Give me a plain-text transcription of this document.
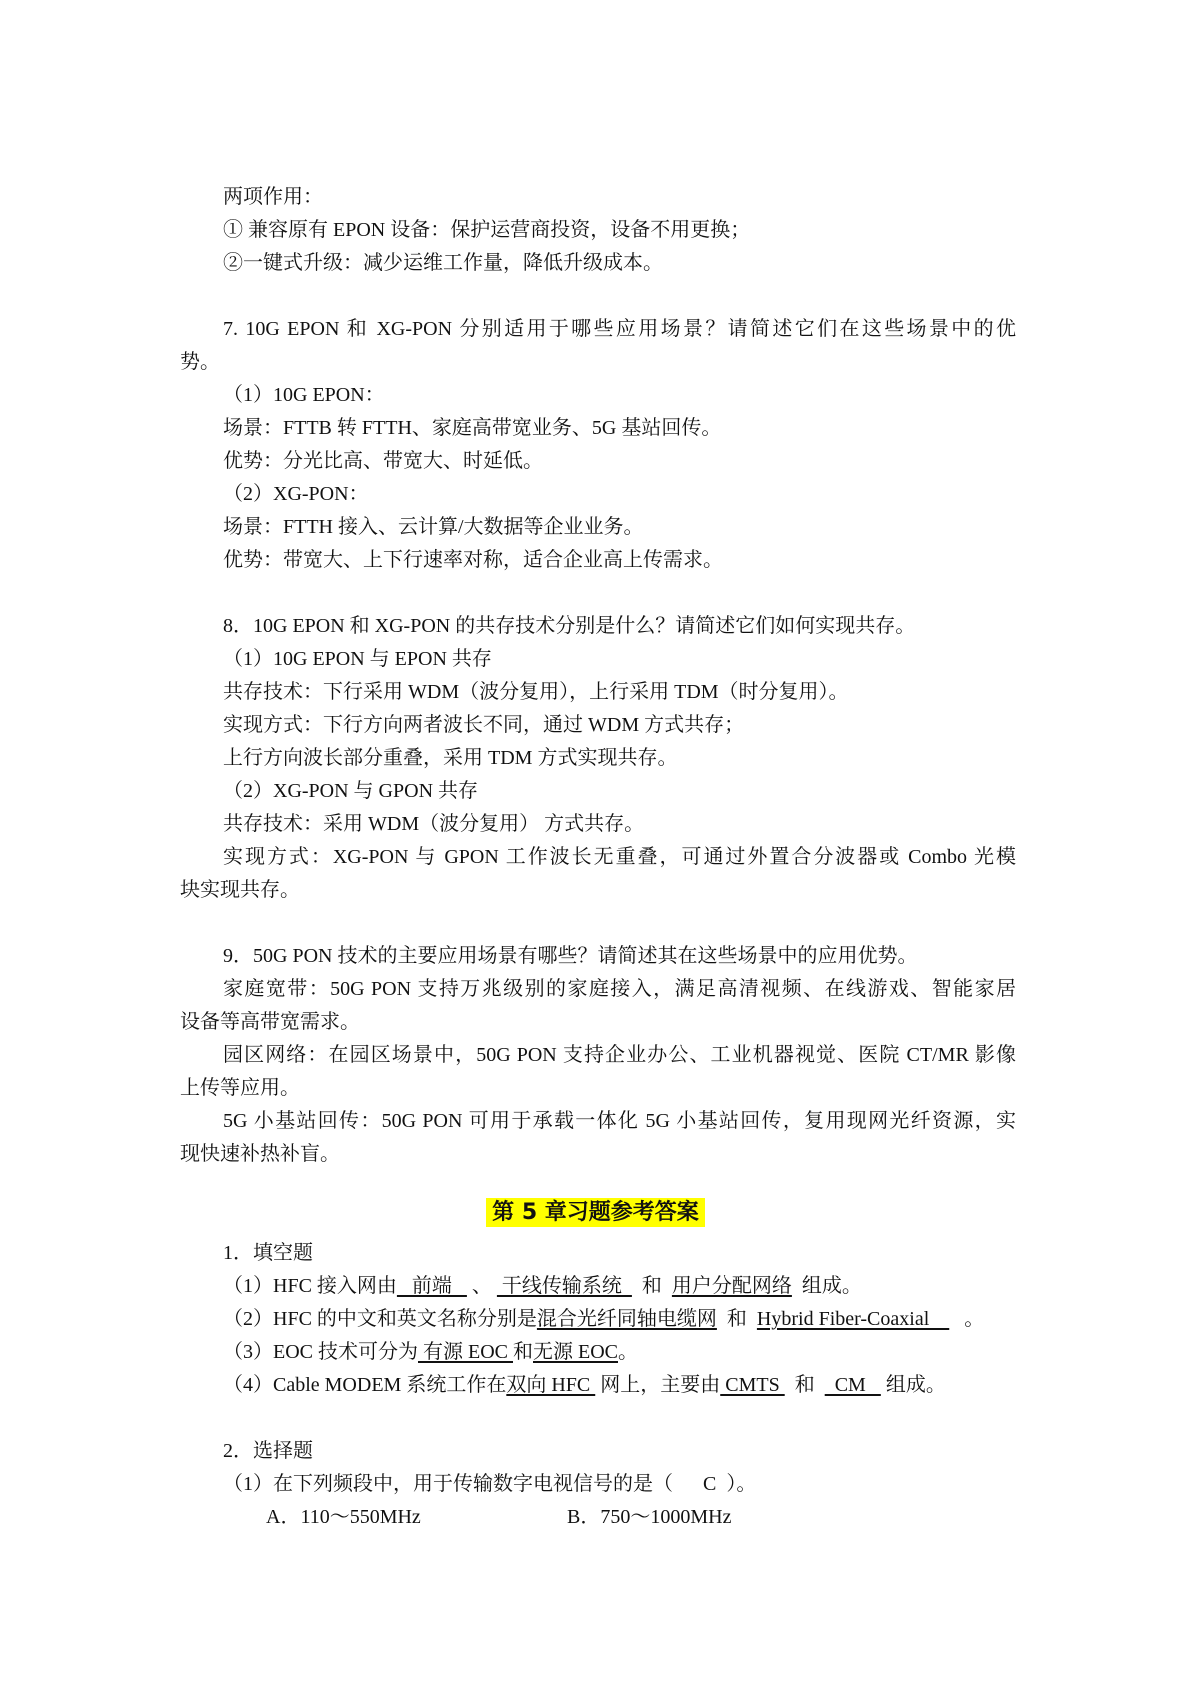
两项作用：
① 兼容原有 EPON 设备：保护运营商投资，设备不用更换；
②一键式升级：减少运维工作量，降低升级成本。
7. 10G EPON 和 XG-PON 分别适用于哪些应用场景？请简述它们在这些场景中的优
势。
（1）10G EPON：
场景：FTTB 转 FTTH、家庭高带宽业务、5G 基站回传。
优势：分光比高、带宽大、时延低。
（2）XG-PON：
场景：FTTH 接入、云计算/大数据等企业业务。
优势：带宽大、上下行速率对称，适合企业高上传需求。
8．10G EPON 和 XG-PON 的共存技术分别是什么？请简述它们如何实现共存。
（1）10G EPON 与 EPON 共存
共存技术：下行采用 WDM（波分复用），上行采用 TDM（时分复用）。
实现方式：下行方向两者波长不同，通过 WDM 方式共存；
上行方向波长部分重叠，采用 TDM 方式实现共存。
（2）XG-PON 与 GPON 共存
共存技术：采用 WDM（波分复用） 方式共存。
实现方式：XG-PON 与 GPON 工作波长无重叠，可通过外置合分波器或 Combo 光模
块实现共存。
9．50G PON 技术的主要应用场景有哪些？请简述其在这些场景中的应用优势。
家庭宽带：50G PON 支持万兆级别的家庭接入，满足高清视频、在线游戏、智能家居
设备等高带宽需求。
园区网络：在园区场景中，50G PON 支持企业办公、工业机器视觉、医院 CT/MR 影像
上传等应用。
5G 小基站回传：50G PON 可用于承载一体化 5G 小基站回传，复用现网光纤资源，实
现快速补热补盲。
第 5 章习题参考答案
1．填空题
（1）HFC 接入网由   前端    、  干线传输系统    和  用户分配网络  组成。
（2）HFC 的中文和英文名称分别是混合光纤同轴电缆网  和  Hybrid Fiber-Coaxial       。
（3）EOC 技术可分为 有源 EOC 和无源 EOC。
（4）Cable MODEM 系统工作在双向 HFC  网上，主要由 CMTS   和    CM    组成。
2．选择题
（1）在下列频段中，用于传输数字电视信号的是（      C  ）。
A．110～550MHz	B．750～1000MHz
